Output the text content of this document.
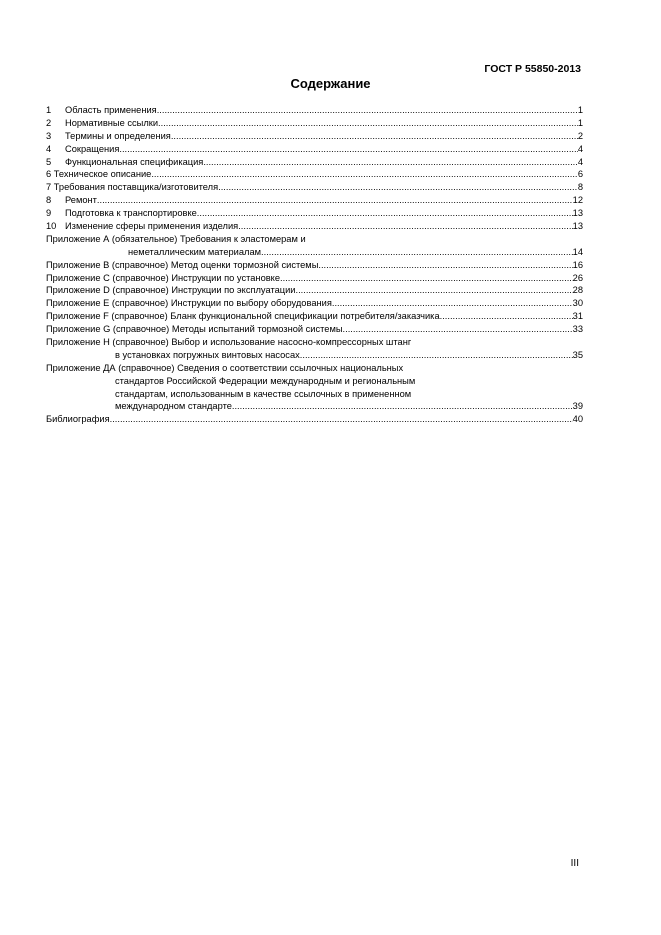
ГОСТ Р 55850-2013
Содержание
1	Область применения .....	1
2	Нормативные ссылки .....	1
3	Термины и определения .....	2
4	Сокращения .....	4
5	Функциональная спецификация .....	4
6 Техническое описание .....	6
7 Требования поставщика/изготовителя .....	8
8	Ремонт .....	12
9	Подготовка к транспортировке .....	13
10 Изменение сферы применения изделия .....	13
Приложение А (обязательное) Требования к эластомерам и
неметаллическим материалам .....	14
Приложение В (справочное) Метод оценки тормозной системы .....	16
Приложение С (справочное) Инструкции по установке .....	26
Приложение D (справочное) Инструкции по эксплуатации .....	28
Приложение Е (справочное) Инструкции по выбору оборудования .....	30
Приложение F (справочное) Бланк функциональной спецификации потребителя/заказчика .....	31
Приложение G (справочное) Методы испытаний тормозной системы .....	33
Приложение Н (справочное) Выбор и использование насосно-компрессорных штанг
в установках погружных винтовых насосах .....	35
Приложение ДА (справочное) Сведения о соответствии ссылочных национальных
стандартов Российской Федерации международным и региональным
стандартам, использованным в качестве ссылочных в примененном
международном стандарте .....	39
Библиография .....	40
III
